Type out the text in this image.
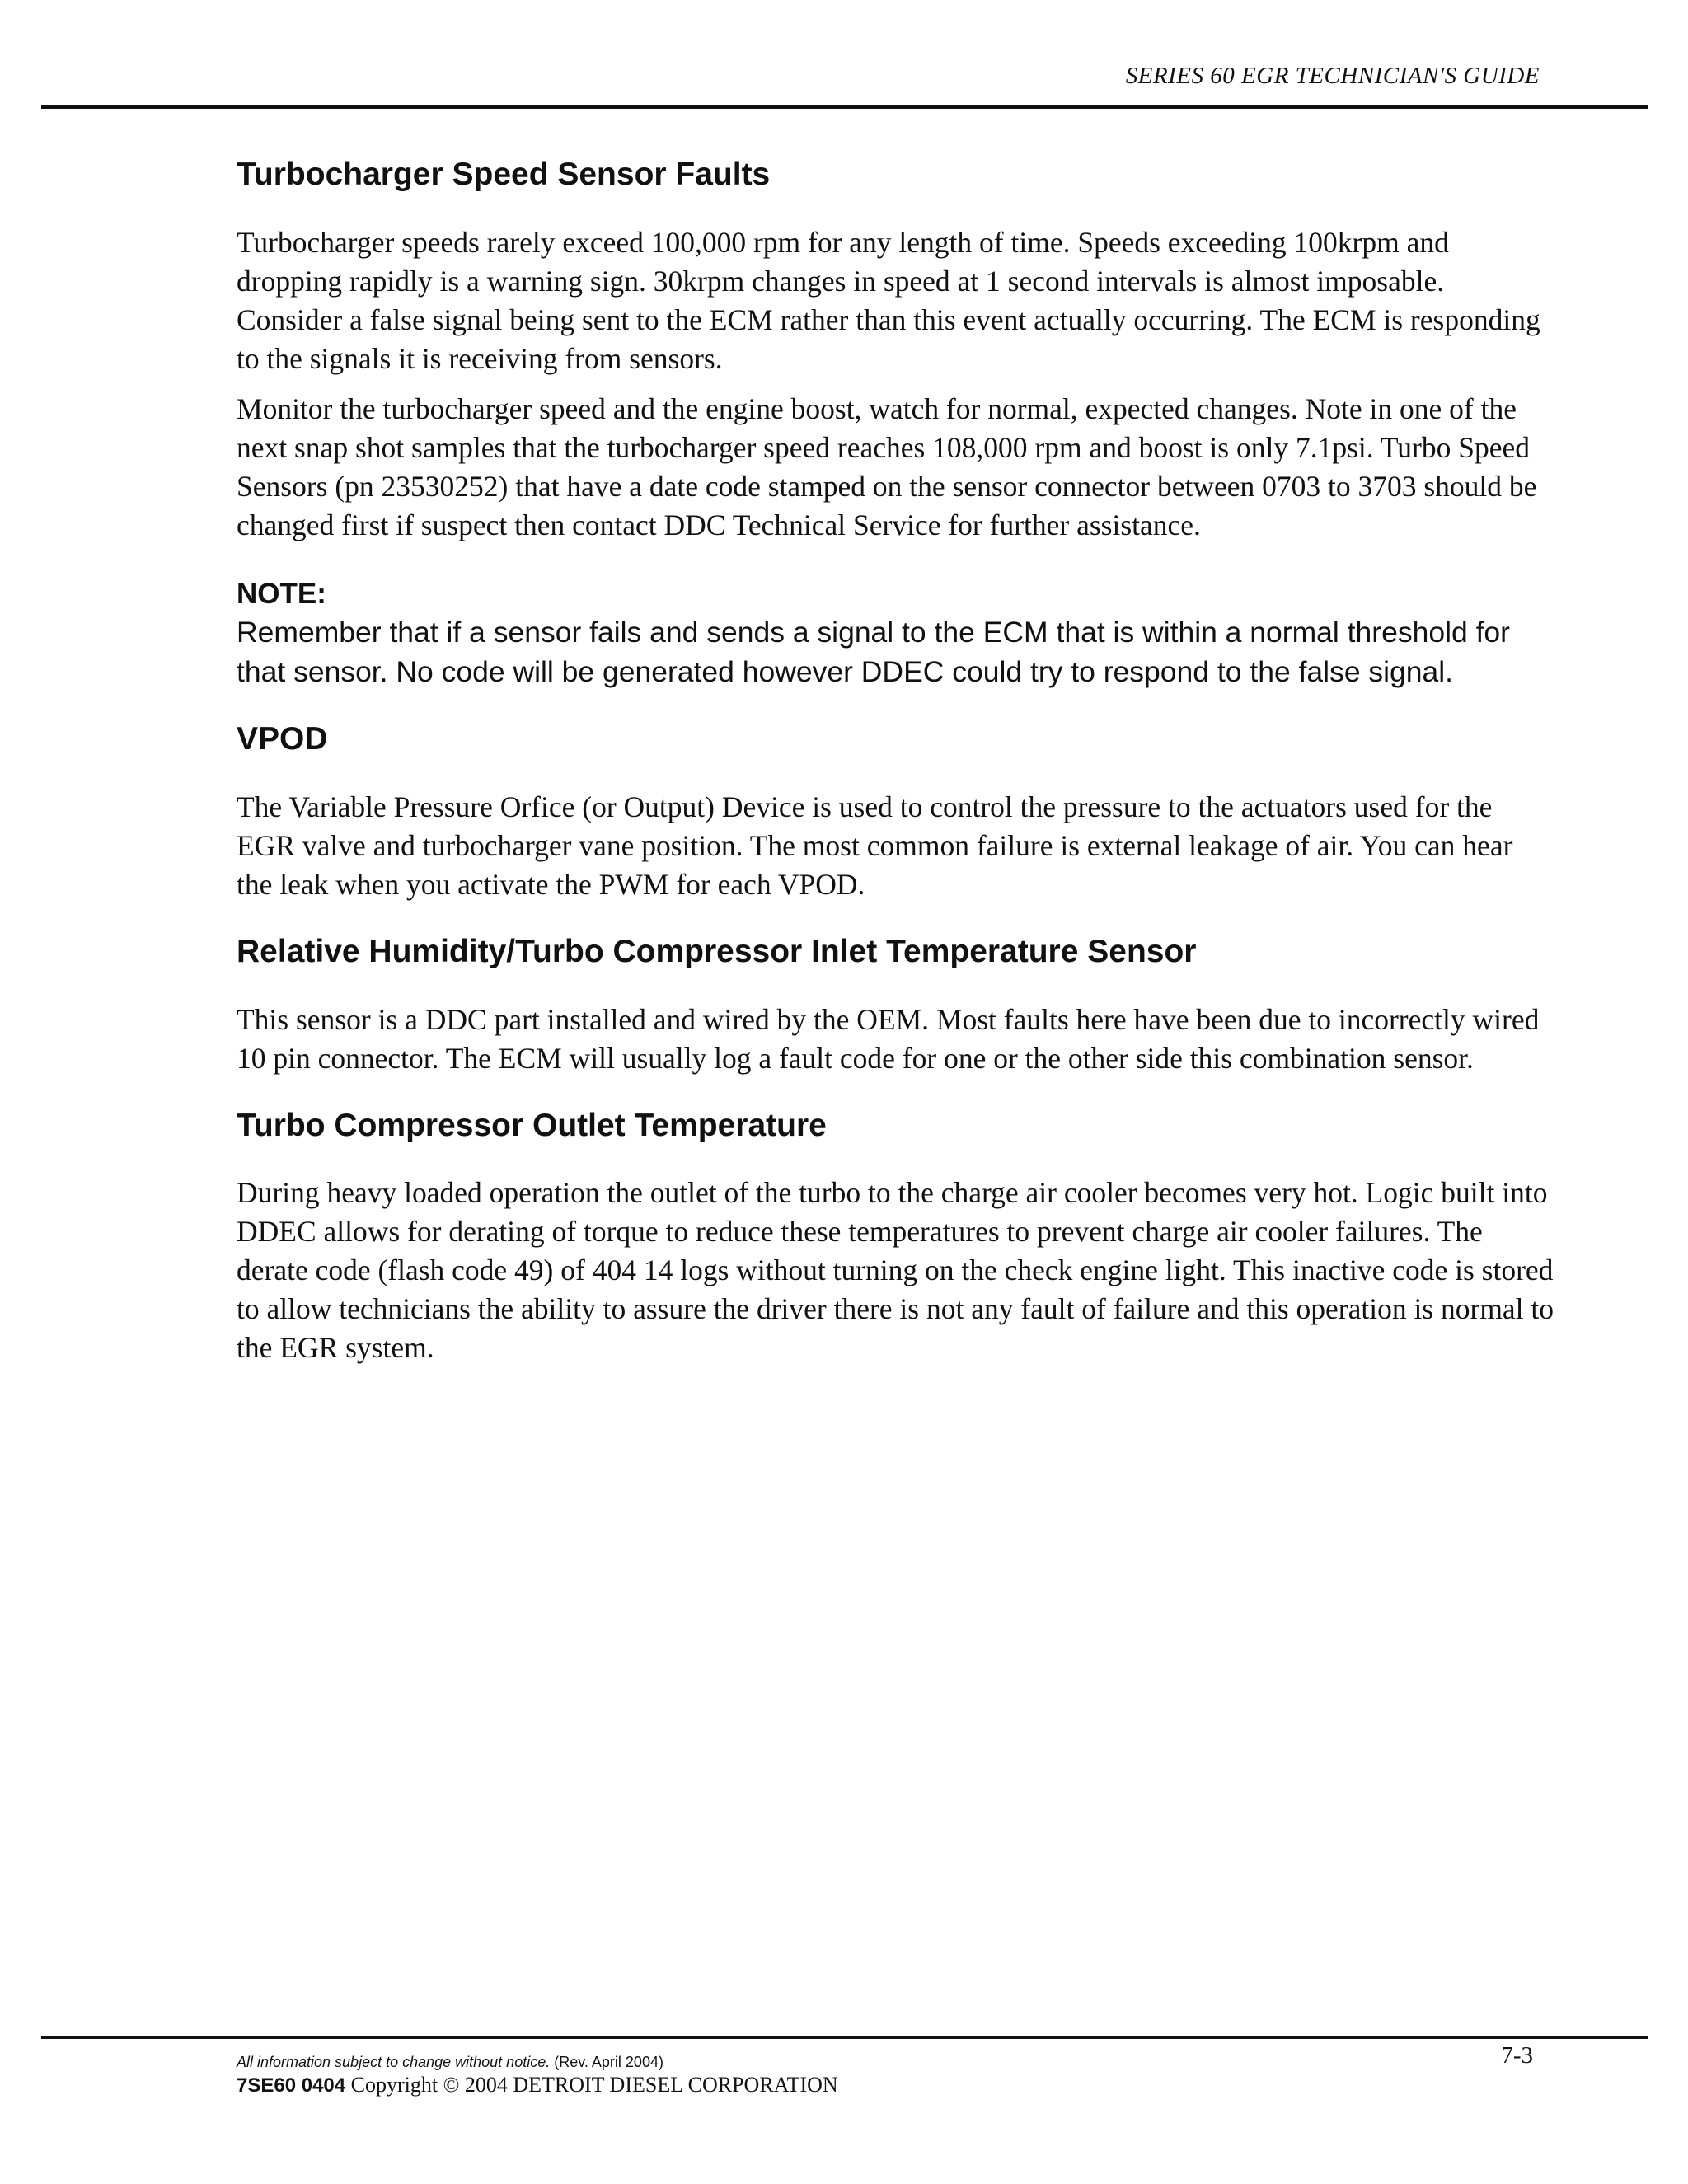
SERIES 60 EGR TECHNICIAN'S GUIDE
Turbocharger Speed Sensor Faults

Turbocharger speeds rarely exceed 100,000 rpm for any length of time. Speeds exceeding 100krpm and dropping rapidly is a warning sign. 30krpm changes in speed at 1 second intervals is almost imposable. Consider a false signal being sent to the ECM rather than this event actually occurring. The ECM is responding to the signals it is receiving from sensors.

Monitor the turbocharger speed and the engine boost, watch for normal, expected changes. Note in one of the next snap shot samples that the turbocharger speed reaches 108,000 rpm and boost is only 7.1psi. Turbo Speed Sensors (pn 23530252) that have a date code stamped on the sensor connector between 0703 to 3703 should be changed first if suspect then contact DDC Technical Service for further assistance.

NOTE:
Remember that if a sensor fails and sends a signal to the ECM that is within a normal threshold for that sensor. No code will be generated however DDEC could try to respond to the false signal.
VPOD

The Variable Pressure Orfice (or Output) Device is used to control the pressure to the actuators used for the EGR valve and turbocharger vane position. The most common failure is external leakage of air. You can hear the leak when you activate the PWM for each VPOD.

Relative Humidity/Turbo Compressor Inlet Temperature Sensor

This sensor is a DDC part installed and wired by the OEM. Most faults here have been due to incorrectly wired 10 pin connector. The ECM will usually log a fault code for one or the other side this combination sensor.

Turbo Compressor Outlet Temperature

During heavy loaded operation the outlet of the turbo to the charge air cooler becomes very hot. Logic built into DDEC allows for derating of torque to reduce these temperatures to prevent charge air cooler failures. The derate code (flash code 49) of 404 14 logs without turning on the check engine light. This inactive code is stored to allow technicians the ability to assure the driver there is not any fault of failure and this operation is normal to the EGR system.

All information subject to change without notice. (Rev. April 2004)
7SE60 0404 Copyright © 2004 DETROIT DIESEL CORPORATION
7-3
